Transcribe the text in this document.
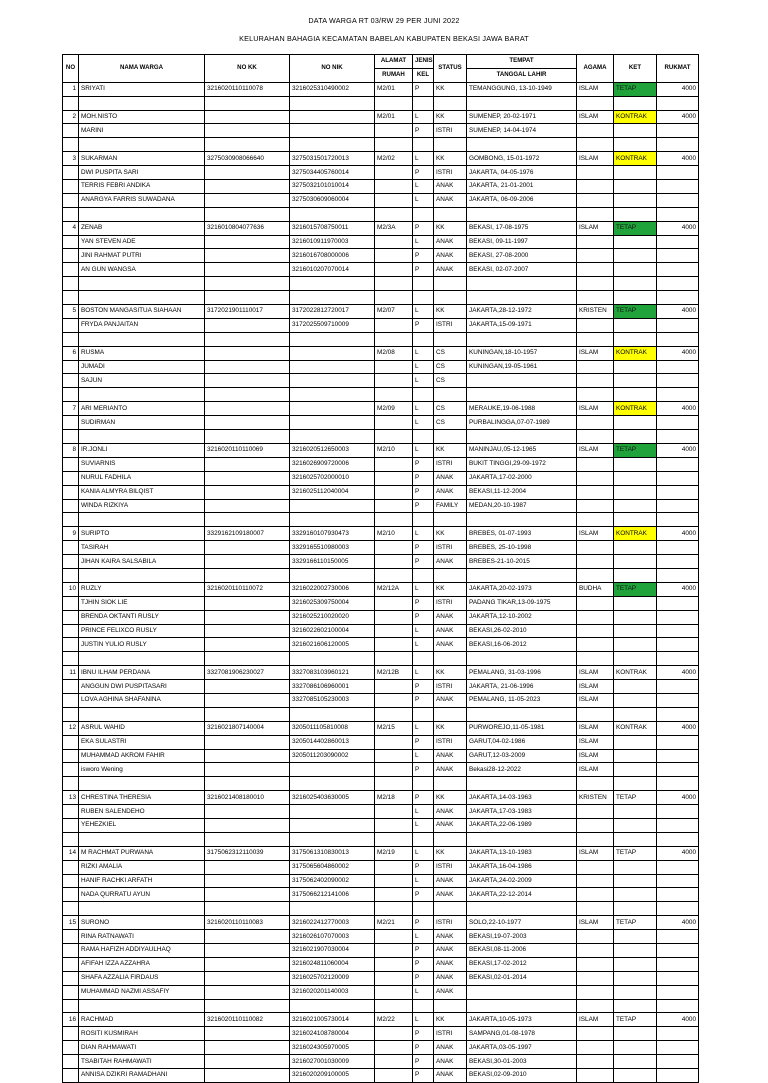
DATA WARGA RT 03/RW 29 PER JUNI 2022
KELURAHAN BAHAGIA KECAMATAN BABELAN KABUPATEN BEKASI JAWA BARAT
NO	NAMA WARGA	NO KK	NO NIK	ALAMAT	JENIS	STATUS	TEMPAT	AGAMA	KET	RUKMAT
				RUMAH	KEL		TANGGAL LAHIR			
1	SRIYATI	3216020110110078	3216025310490002	M2/01	P	KK	TEMANGGUNG, 13-10-1949	ISLAM	TETAP	4000

2	MOH.NISTO			M2/01	L	KK	SUMENEP, 20-02-1971	ISLAM	KONTRAK	4000
	MARINI				P	ISTRI	SUMENEP, 14-04-1974			

3	SUKARMAN	3275030908066640	3275031501720013	M2/02	L	KK	GOMBONG, 15-01-1972	ISLAM	KONTRAK	4000
	DWI PUSPITA SARI		3275034405760014		P	ISTRI	JAKARTA, 04-05-1976			
	TERRIS FEBRI ANDIKA		3275032101010014		L	ANAK	JAKARTA, 21-01-2001			
	ANARGYA FARRIS SUWADANA		3275030609060004		L	ANAK	JAKARTA, 06-09-2006			

4	ZENAB	3216010804077636	3216015708750011	M2/3A	P	KK	BEKASI, 17-08-1975	ISLAM	TETAP	4000
	YAN STEVEN ADE		3216010911970003		L	ANAK	BEKASI, 09-11-1997			
	JINI RAHMAT PUTRI		3216016708000006		P	ANAK	BEKASI, 27-08-2000			
	AN GUN WANGSA		3216010207070014		P	ANAK	BEKASI, 02-07-2007			

5	BOSTON MANGASITUA SIAHAAN	3172021901110017	3172022812720017	M2/07	L	KK	JAKARTA,28-12-1972	KRISTEN	TETAP	4000
	FRYDA PANJAITAN		3172025509710009		P	ISTRI	JAKARTA,15-09-1971			

6	RUSMA			M2/08	L	CS	KUNINGAN,18-10-1957	ISLAM	KONTRAK	4000
	JUMADI				L	CS	KUNINGAN,19-05-1961			
	SAJUN				L	CS				

7	ARI MERIANTO			M2/09	L	CS	MERAUKE,19-06-1988	ISLAM	KONTRAK	4000
	SUDIRMAN				L	CS	PURBALINGGA,07-07-1989			

8	IR.JONLI	3216020110110069	3216020512650003	M2/10	L	KK	MANINJAU,05-12-1965	ISLAM	TETAP	4000
	SUVIARNIS		3216026909720006		P	ISTRI	BUKIT TINGGI,29-09-1972			
	NURUL FADHILA		3216025702000010		P	ANAK	JAKARTA,17-02-2000			
	KANIA ALMYRA BILQIST		3216025112040004		P	ANAK	BEKASI,11-12-2004			
	WINDA RIZKIYA				P	FAMILY	MEDAN,20-10-1987			

9	SURIPTO	3329162109180007	3329160107930473	M2/10	L	KK	BREBES, 01-07-1993	ISLAM	KONTRAK	4000
	TASIRAH		3329165510980003		P	ISTRI	BREBES, 25-10-1998			
	JIHAN KAIRA SALSABILA		3329166110150005		P	ANAK	BREBES-21-10-2015			

10	RUZLY	3216020110110072	3216022002730006	M2/12A	L	KK	JAKARTA,20-02-1973	BUDHA	TETAP	4000
	TJHIN SIOK LIE		3216025309750004		P	ISTRI	PADANG TIKAR,13-09-1975			
	BRENDA OKTANTI RUSLY		3216025210020020		P	ANAK	JAKARTA,12-10-2002			
	PRINCE FELIXCO RUSLY		3216022602100004		L	ANAK	BEKASI,26-02-2010			
	JUSTIN YULIO RUSLY		3216021606120005		L	ANAK	BEKASI,16-06-2012			

11	IBNU ILHAM PERDANA	3327081906230027	3327083103960121	M2/12B	L	KK	PEMALANG, 31-03-1996	ISLAM	KONTRAK	4000
	ANGGUN DWI PUSPITASARI		3327086106960001		P	ISTRI	JAKARTA, 21-06-1996	ISLAM		
	LOVA AGHINA SHAFANINA		3327085105230003		P	ANAK	PEMALANG, 11-05-2023	ISLAM		

12	ASRUL WAHID	3216021807140004	3205011105810008	M2/15	L	KK	PURWOREJO,11-05-1981	ISLAM	KONTRAK	4000
	EKA SULASTRI		3205014402860013		P	ISTRI	GARUT,04-02-1986	ISLAM		
	MUHAMMAD AKROM FAHIR		3205011203090002		L	ANAK	GARUT,12-03-2009	ISLAM		
	isworo Wening				P	ANAK	Bekasi28-12-2022	ISLAM		

13	CHRESTINA THERESIA	3216021408180010	3216025403630005	M2/18	P	KK	JAKARTA,14-03-1963	KRISTEN	TETAP	4000
	RUBEN SALENDEHO				L	ANAK	JAKARTA,17-03-1983			
	YEHEZKIEL				L	ANAK	JAKARTA,22-06-1989			

14	M RACHMAT PURWANA	3175062312110039	3175061310830013	M2/19	L	KK	JAKARTA,13-10-1983	ISLAM	TETAP	4000
	RIZKI AMALIA		3175065604860002		P	ISTRI	JAKARTA,16-04-1986			
	HANIF RACHKI ARFATH		3175062402090002		L	ANAK	JAKARTA,24-02-2009			
	NADA QURRATU AYUN		3175066212141006		P	ANAK	JAKARTA,22-12-2014			

15	SURONO	3216020110110083	3216022412770003	M2/21	P	ISTRI	SOLO,22-10-1977	ISLAM	TETAP	4000
	RINA RATNAWATI		3216026107070003		L	ANAK	BEKASI,19-07-2003			
	RAMA HAFIZH ADDIYAULHAQ		3216021907030004		P	ANAK	BEKASI,08-11-2006			
	AFIFAH IZZA AZZAHRA		3216024811060004		P	ANAK	BEKASI,17-02-2012			
	SHAFA AZZALIA FIRDAUS		3216025702120009		P	ANAK	BEKASI,02-01-2014			
	MUHAMMAD NAZMI ASSAFIY		3216020201140003		L	ANAK				

16	RACHMAD	3216020110110082	3216021005730014	M2/22	L	KK	JAKARTA,10-05-1973	ISLAM	TETAP	4000
	ROSITI KUSMIRAH		3216024108780004		P	ISTRI	SAMPANG,01-08-1978			
	DIAN RAHMAWATI		3216024305970005		P	ANAK	JAKARTA,03-05-1997			
	TSABITAH RAHMAWATI		3216027001030009		P	ANAK	BEKASI,30-01-2003			
	ANNISA DZIKRI RAMADHANI		3216020209100005		P	ANAK	BEKASI,02-09-2010			
